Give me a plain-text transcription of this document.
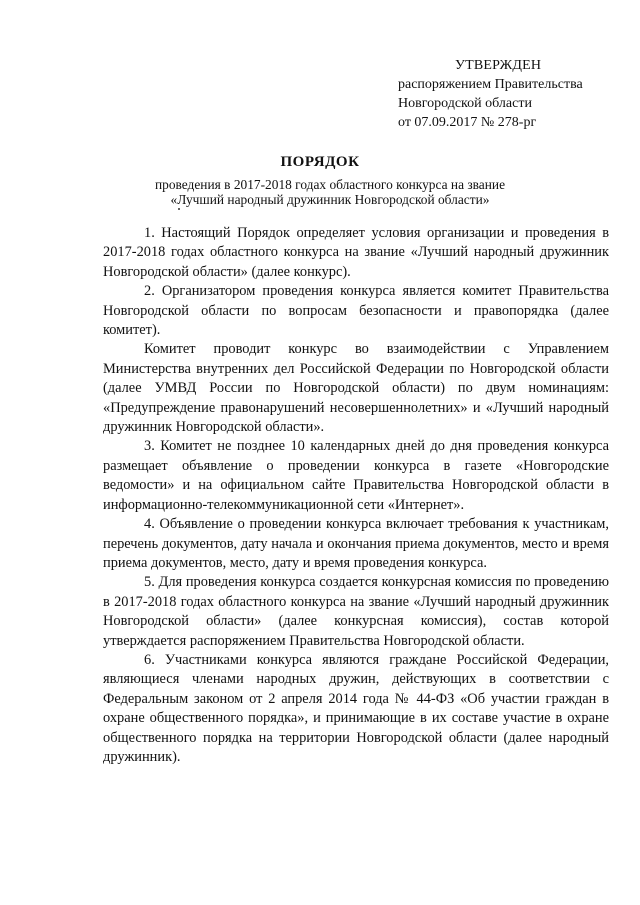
УТВЕРЖДЕН
распоряжением Правительства
Новгородской области
от 07.09.2017 № 278-рг
ПОРЯДОК
проведения в 2017-2018 годах областного конкурса на звание
«Лучший народный дружинник Новгородской области»

1. Настоящий Порядок определяет условия организации и проведения в 2017-2018 годах областного конкурса на звание «Лучший народный дружинник Новгородской области» (далее конкурс).

2. Организатором проведения конкурса является комитет Правительства Новгородской области по вопросам безопасности и правопорядка (далее комитет).

Комитет проводит конкурс во взаимодействии с Управлением Министерства внутренних дел Российской Федерации по Новгородской области (далее УМВД России по Новгородской области) по двум номинациям: «Предупреждение правонарушений несовершеннолетних» и «Лучший народный дружинник Новгородской области».

3. Комитет не позднее 10 календарных дней до дня проведения конкурса размещает объявление о проведении конкурса в газете «Новгородские ведомости» и на официальном сайте Правительства Новгородской области в информационно-телекоммуникационной сети «Интернет».

4. Объявление о проведении конкурса включает требования к участникам, перечень документов, дату начала и окончания приема документов, место и время приема документов, место, дату и время проведения конкурса.

5. Для проведения конкурса создается конкурсная комиссия по проведению в 2017-2018 годах областного конкурса на звание «Лучший народный дружинник Новгородской области» (далее конкурсная комиссия), состав которой утверждается распоряжением Правительства Новгородской области.

6. Участниками конкурса являются граждане Российской Федерации, являющиеся членами народных дружин, действующих в соответствии с Федеральным законом от 2 апреля 2014 года № 44-ФЗ «Об участии граждан в охране общественного порядка», и принимающие в их составе участие в охране общественного порядка на территории Новгородской области (далее народный дружинник).
